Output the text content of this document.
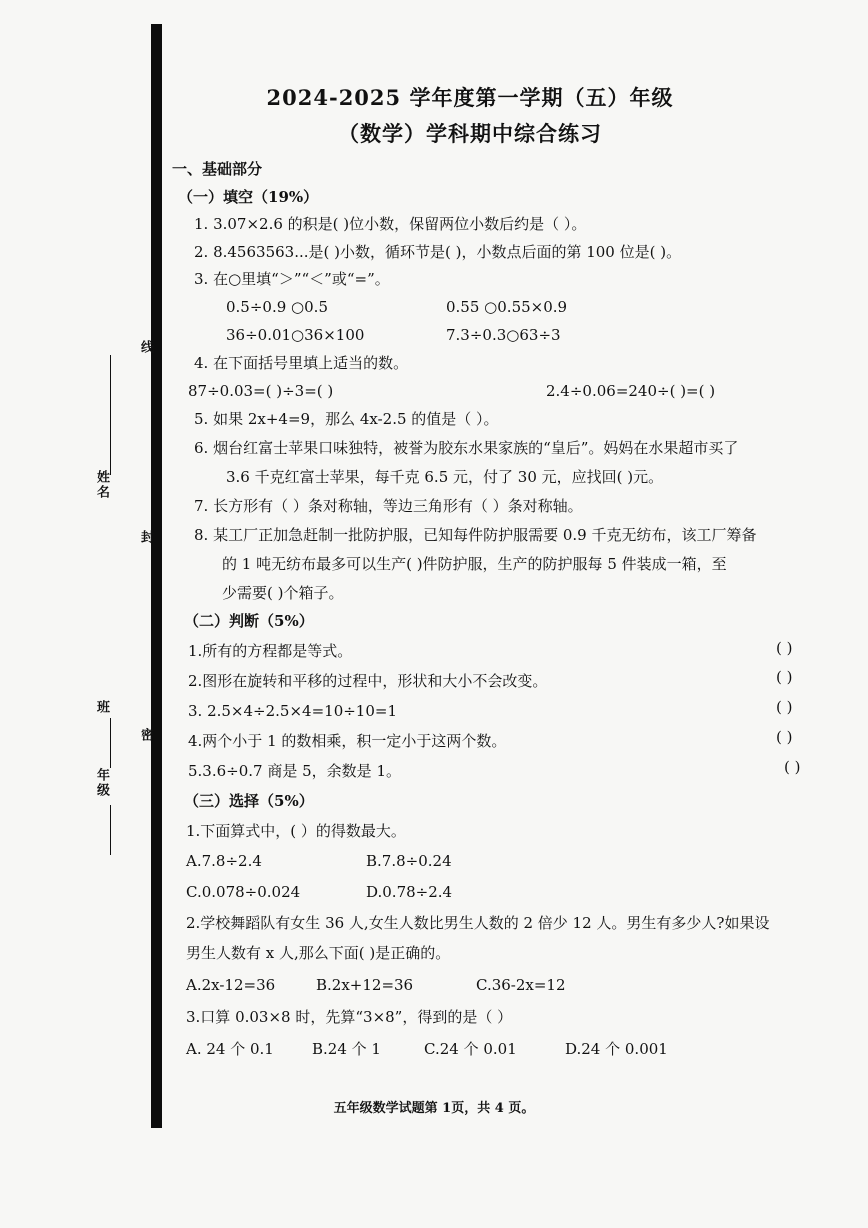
线
封
密
姓名
班
年级
2024-2025 学年度第一学期（五）年级
（数学）学科期中综合练习
一、基础部分
（一）填空（19%）
1. 3.07×2.6 的积是( )位小数，保留两位小数后约是（ ）。
2. 8.4563563...是( )小数，循环节是( )，小数点后面的第 100 位是( )。
3. 在○里填“＞”“＜”或“=”。
0.5÷0.9 ○0.5	0.55 ○0.55×0.9
36÷0.01○36×100	7.3÷0.3○63÷3
4. 在下面括号里填上适当的数。
87÷0.03=( )÷3=( )	2.4÷0.06=240÷( )=( )
5. 如果 2x+4=9，那么 4x-2.5 的值是（ ）。
6. 烟台红富士苹果口味独特，被誉为胶东水果家族的“皇后”。妈妈在水果超市买了
3.6 千克红富士苹果，每千克 6.5 元，付了 30 元，应找回( )元。
7. 长方形有（ ）条对称轴，等边三角形有（ ）条对称轴。
8. 某工厂正加急赶制一批防护服，已知每件防护服需要 0.9 千克无纺布，该工厂筹备
的 1 吨无纺布最多可以生产( )件防护服，生产的防护服每 5 件装成一箱，至
少需要( )个箱子。
（二）判断（5%）
1.所有的方程都是等式。	( )
2.图形在旋转和平移的过程中，形状和大小不会改变。	( )
3. 2.5×4÷2.5×4=10÷10=1	( )
4.两个小于 1 的数相乘，积一定小于这两个数。	( )
5.3.6÷0.7 商是 5，余数是 1。	( )
（三）选择（5%）
1.下面算式中，( ）的得数最大。
A.7.8÷2.4	B.7.8÷0.24
C.0.078÷0.024	D.0.78÷2.4
2.学校舞蹈队有女生 36 人,女生人数比男生人数的 2 倍少 12 人。男生有多少人?如果设
男生人数有 x 人,那么下面( )是正确的。
A.2x-12=36	B.2x+12=36	C.36-2x=12
3.口算 0.03×8 时，先算“3×8”，得到的是（ ）
A. 24 个 0.1	B.24 个 1	C.24 个 0.01	D.24 个 0.001
五年级数学试题第 1页，共 4 页。
